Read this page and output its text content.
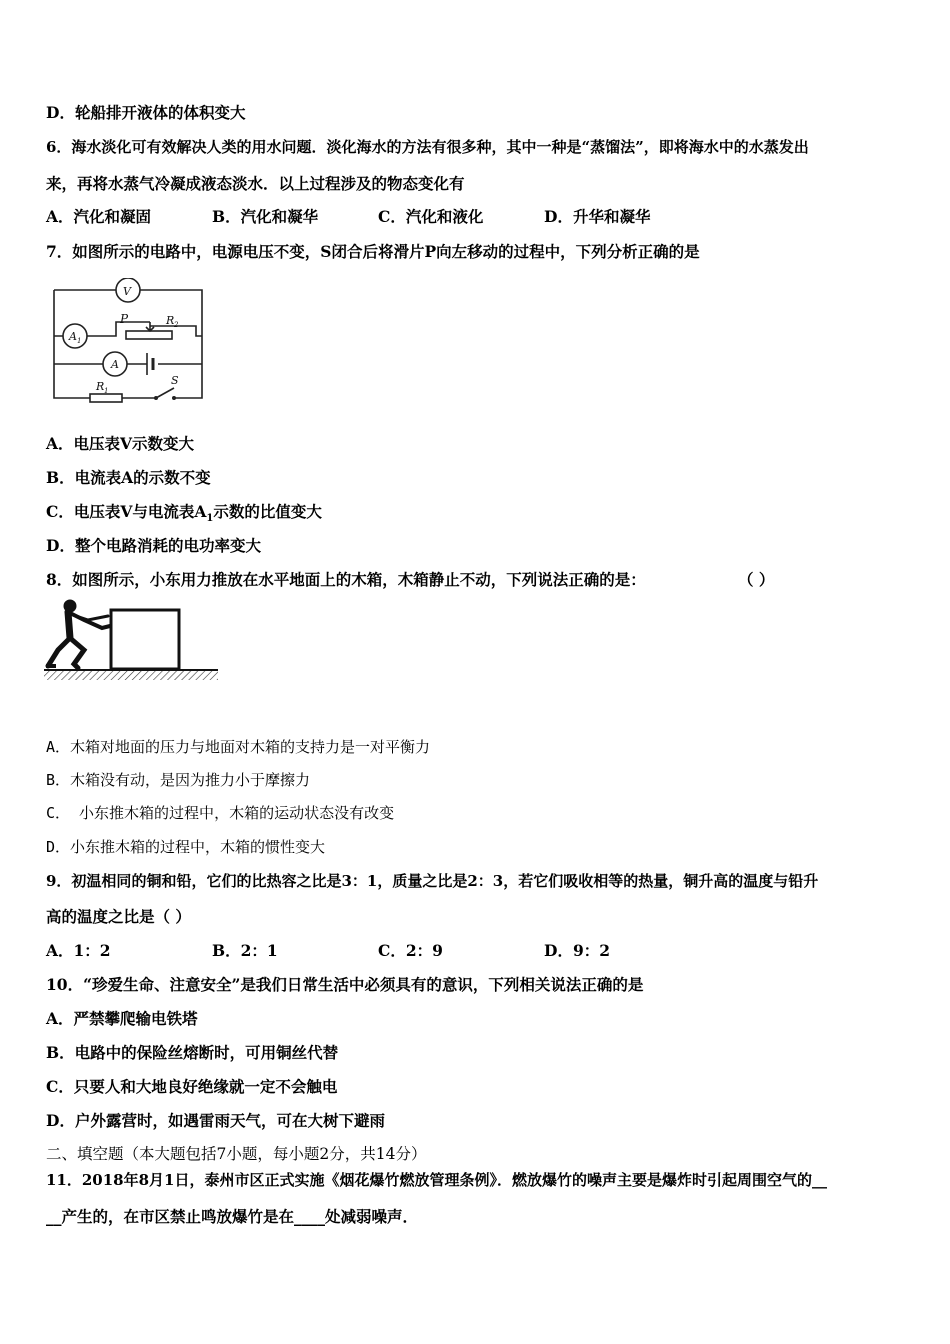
D．轮船排开液体的体积变大
6．海水淡化可有效解决人类的用水问题．淡化海水的方法有很多种，其中一种是“蒸馏法”，即将海水中的水蒸发出
来，再将水蒸气冷凝成液态淡水．以上过程涉及的物态变化有
A．汽化和凝固	B．汽化和凝华	C．汽化和液化	D．升华和凝华
7．如图所示的电路中，电源电压不变，S闭合后将滑片P向左移动的过程中，下列分析正确的是
V
A 1
P	R 2
A
R 1
S
A．电压表V示数变大
B．电流表A的示数不变
C．电压表V与电流表$A_1$示数的比值变大
D．整个电路消耗的电功率变大
8．如图所示，小东用力推放在水平地面上的木箱，木箱静止不动，下列说法正确的是：	（ ）
A．木箱对地面的压力与地面对木箱的支持力是一对平衡力
B．木箱没有动，是因为推力小于摩擦力
C． 小东推木箱的过程中，木箱的运动状态没有改变
D．小东推木箱的过程中，木箱的惯性变大
9．初温相同的铜和铅，它们的比热容之比是3：1，质量之比是2：3，若它们吸收相等的热量，铜升高的温度与铅升
高的温度之比是（ ）
A．1：2	B．2：1	C．2：9	D．9：2
10．“珍爱生命、注意安全”是我们日常生活中必须具有的意识，下列相关说法正确的是
A．严禁攀爬输电铁塔
B．电路中的保险丝熔断时，可用铜丝代替
C．只要人和大地良好绝缘就一定不会触电
D．户外露营时，如遇雷雨天气，可在大树下避雨
二、填空题（本大题包括7小题，每小题2分，共14分）
11．2018年8月1日，泰州市区正式实施《烟花爆竹燃放管理条例》．燃放爆竹的噪声主要是爆炸时引起周围空气的__
__产生的，在市区禁止鸣放爆竹是在____处减弱噪声．
